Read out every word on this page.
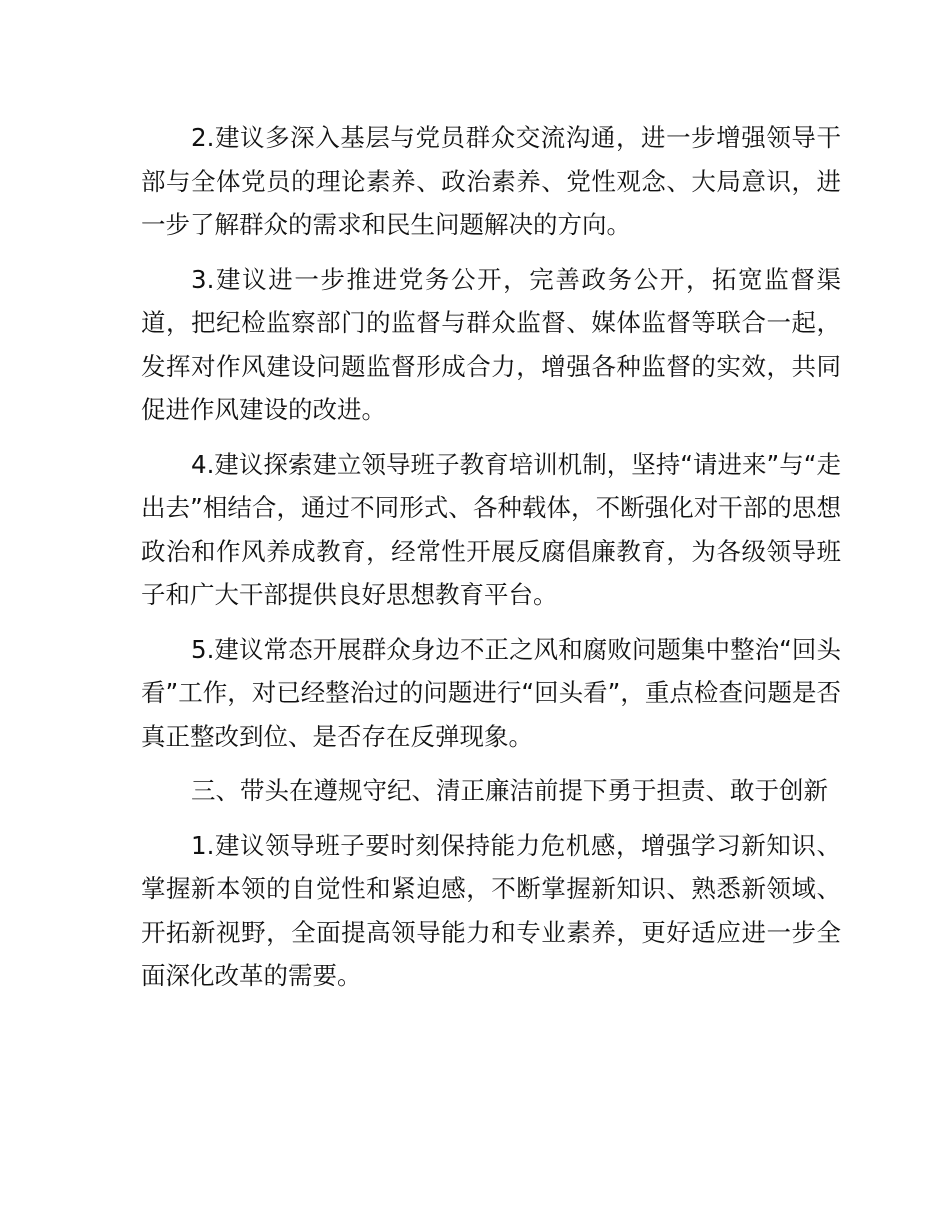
2.建议多深入基层与党员群众交流沟通，进一步增强领导干部与全体党员的理论素养、政治素养、党性观念、大局意识，进一步了解群众的需求和民生问题解决的方向。

3.建议进一步推进党务公开，完善政务公开，拓宽监督渠道，把纪检监察部门的监督与群众监督、媒体监督等联合一起，发挥对作风建设问题监督形成合力，增强各种监督的实效，共同促进作风建设的改进。

4.建议探索建立领导班子教育培训机制，坚持“请进来”与“走出去”相结合，通过不同形式、各种载体，不断强化对干部的思想政治和作风养成教育，经常性开展反腐倡廉教育，为各级领导班子和广大干部提供良好思想教育平台。

5.建议常态开展群众身边不正之风和腐败问题集中整治“回头看”工作，对已经整治过的问题进行“回头看”，重点检查问题是否真正整改到位、是否存在反弹现象。

三、带头在遵规守纪、清正廉洁前提下勇于担责、敢于创新

1.建议领导班子要时刻保持能力危机感，增强学习新知识、掌握新本领的自觉性和紧迫感，不断掌握新知识、熟悉新领域、开拓新视野，全面提高领导能力和专业素养，更好适应进一步全面深化改革的需要。
